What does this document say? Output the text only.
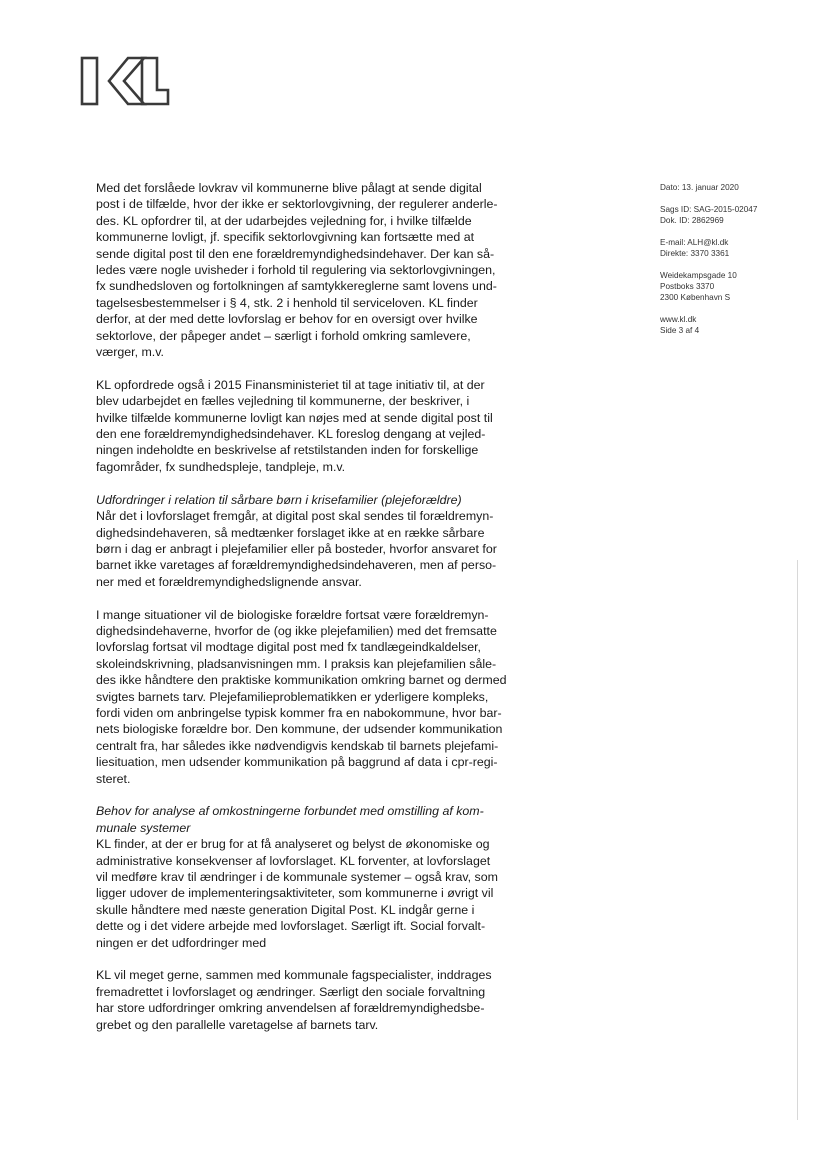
Dato: 13. januar 2020
Sags ID: SAG-2015-02047
Dok. ID: 2862969
E-mail: ALH@kl.dk
Direkte: 3370 3361
Weidekampsgade 10
Postboks 3370
2300 København S
www.kl.dk
Side 3 af 4

Med det forslåede lovkrav vil kommunerne blive pålagt at sende digital
post i de tilfælde, hvor der ikke er sektorlovgivning, der regulerer anderle-
des. KL opfordrer til, at der udarbejdes vejledning for, i hvilke tilfælde
kommunerne lovligt, jf. specifik sektorlovgivning kan fortsætte med at
sende digital post til den ene forældremyndighedsindehaver. Der kan så-
ledes være nogle uvisheder i forhold til regulering via sektorlovgivningen,
fx sundhedsloven og fortolkningen af samtykkereglerne samt lovens und-
tagelsesbestemmelser i § 4, stk. 2 i henhold til serviceloven. KL finder
derfor, at der med dette lovforslag er behov for en oversigt over hvilke
sektorlove, der påpeger andet – særligt i forhold omkring samlevere,
værger, m.v.

KL opfordrede også i 2015 Finansministeriet til at tage initiativ til, at der
blev udarbejdet en fælles vejledning til kommunerne, der beskriver, i
hvilke tilfælde kommunerne lovligt kan nøjes med at sende digital post til
den ene forældremyndighedsindehaver. KL foreslog dengang at vejled-
ningen indeholdte en beskrivelse af retstilstanden inden for forskellige
fagområder, fx sundhedspleje, tandpleje, m.v.

Udfordringer i relation til sårbare børn i krisefamilier (plejeforældre)

Når det i lovforslaget fremgår, at digital post skal sendes til forældremyn-
dighedsindehaveren, så medtænker forslaget ikke at en række sårbare
børn i dag er anbragt i plejefamilier eller på bosteder, hvorfor ansvaret for
barnet ikke varetages af forældremyndighedsindehaveren, men af perso-
ner med et forældremyndighedslignende ansvar.

I mange situationer vil de biologiske forældre fortsat være forældremyn-
dighedsindehaverne, hvorfor de (og ikke plejefamilien) med det fremsatte
lovforslag fortsat vil modtage digital post med fx tandlægeindkaldelser,
skoleindskrivning, pladsanvisningen mm. I praksis kan plejefamilien såle-
des ikke håndtere den praktiske kommunikation omkring barnet og dermed
svigtes barnets tarv. Plejefamilieproblematikken er yderligere kompleks,
fordi viden om anbringelse typisk kommer fra en nabokommune, hvor bar-
nets biologiske forældre bor. Den kommune, der udsender kommunikation
centralt fra, har således ikke nødvendigvis kendskab til barnets plejefami-
liesituation, men udsender kommunikation på baggrund af data i cpr-regi-
steret.

Behov for analyse af omkostningerne forbundet med omstilling af kom-
munale systemer

KL finder, at der er brug for at få analyseret og belyst de økonomiske og
administrative konsekvenser af lovforslaget. KL forventer, at lovforslaget
vil medføre krav til ændringer i de kommunale systemer – også krav, som
ligger udover de implementeringsaktiviteter, som kommunerne i øvrigt vil
skulle håndtere med næste generation Digital Post. KL indgår gerne i
dette og i det videre arbejde med lovforslaget. Særligt ift. Social forvalt-
ningen er det udfordringer med

KL vil meget gerne, sammen med kommunale fagspecialister, inddrages
fremadrettet i lovforslaget og ændringer. Særligt den sociale forvaltning
har store udfordringer omkring anvendelsen af forældremyndighedsbe-
grebet og den parallelle varetagelse af barnets tarv.
